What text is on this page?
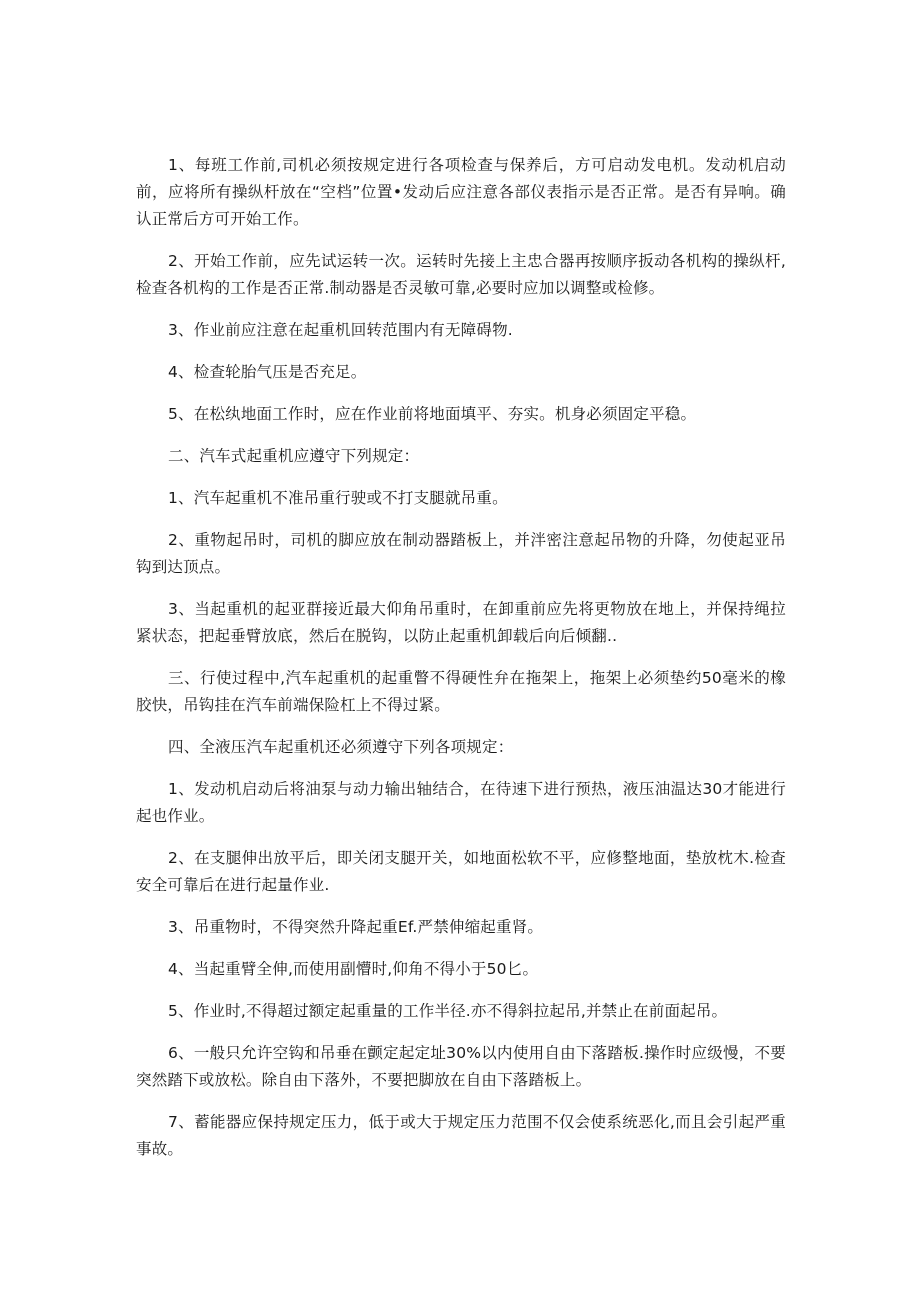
1、每班工作前,司机必须按规定进行各项检查与保养后，方可启动发电机。发动机启动前，应将所有操纵杆放在“空档”位置•发动后应注意各部仪表指示是否正常。是否有异响。确认正常后方可开始工作。

2、开始工作前，应先试运转一次。运转时先接上主忠合器再按顺序扳动各机构的操纵杆,检查各机构的工作是否正常.制动器是否灵敏可靠,必要时应加以调整或检修。

3、作业前应注意在起重机回转范围内有无障碍物.

4、检查轮胎气压是否充足。

5、在松纨地面工作时，应在作业前将地面填平、夯实。机身必须固定平稳。

二、汽车式起重机应遵守下列规定：

1、汽车起重机不准吊重行驶或不打支腿就吊重。

2、重物起吊时，司机的脚应放在制动器踏板上，并泮密注意起吊物的升降，勿使起亚吊钩到达顶点。

3、当起重机的起亚群接近最大仰角吊重时，在卸重前应先将更物放在地上，并保持绳拉紧状态，把起垂臂放底，然后在脱钩，以防止起重机卸载后向后倾翻..

三、行使过程中,汽车起重机的起重瞥不得硬性弁在拖架上，拖架上必须垫约50毫米的橡胶快，吊钩挂在汽车前端保险杠上不得过紧。

四、全液压汽车起重机还必须遵守下列各项规定：

1、发动机启动后将油泵与动力输出轴结合，在待速下进行预热，液压油温达30才能进行起也作业。

2、在支腿伸出放平后，即关闭支腿开关，如地面松软不平，应修整地面，垫放枕木.检查安全可靠后在进行起量作业.

3、吊重物时，不得突然升降起重Ef.严禁伸缩起重肾。

4、当起重臂全伸,而使用副懵时,仰角不得小于50匕。

5、作业时,不得超过额定起重量的工作半径.亦不得斜拉起吊,并禁止在前面起吊。

6、一般只允许空钩和吊垂在颤定起定址30%以内使用自由下落踏板.操作时应级慢，不要突然踏下或放松。除自由下落外，不要把脚放在自由下落踏板上。

7、蓄能器应保持规定压力，低于或大于规定压力范围不仅会使系统恶化,而且会引起严重事故。
